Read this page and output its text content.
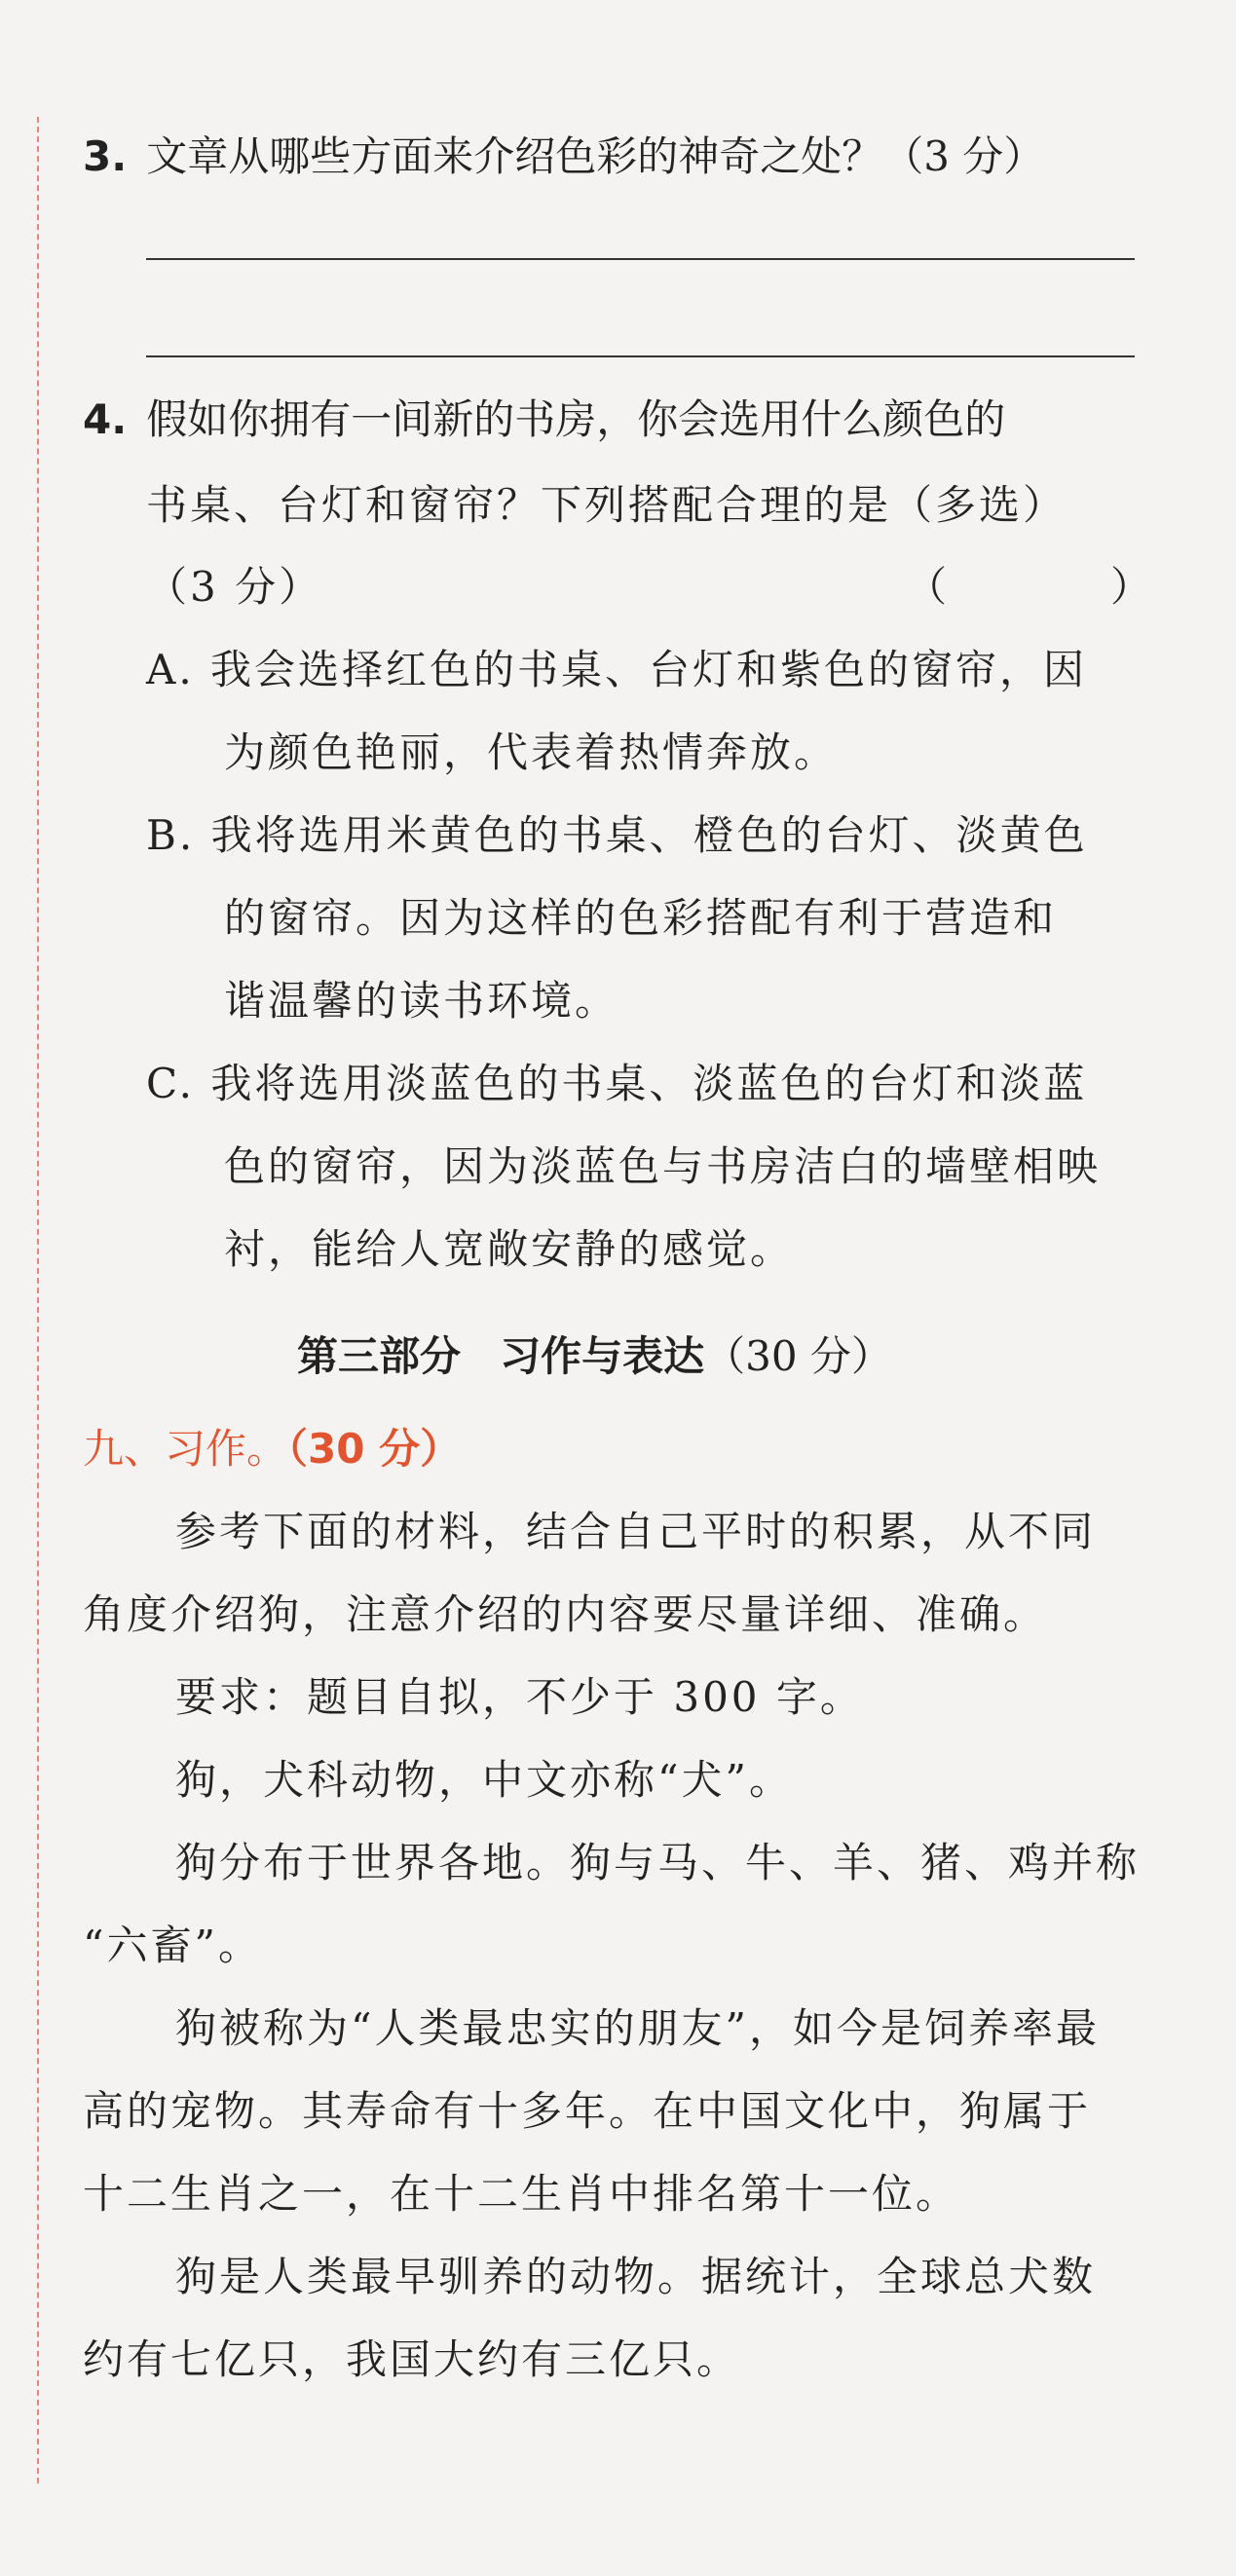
3. 文章从哪些方面来介绍色彩的神奇之处？（3 分）
4. 假如你拥有一间新的书房，你会选用什么颜色的
书桌、台灯和窗帘？下列搭配合理的是（多选）
（3 分）	（	）
A. 我会选择红色的书桌、台灯和紫色的窗帘，因
为颜色艳丽，代表着热情奔放。
B. 我将选用米黄色的书桌、橙色的台灯、淡黄色
的窗帘。因为这样的色彩搭配有利于营造和
谐温馨的读书环境。
C. 我将选用淡蓝色的书桌、淡蓝色的台灯和淡蓝
色的窗帘，因为淡蓝色与书房洁白的墙壁相映
衬，能给人宽敞安静的感觉。
第三部分 习作与表达（30 分）
九、习作。（30 分）
参考下面的材料，结合自己平时的积累，从不同
角度介绍狗，注意介绍的内容要尽量详细、准确。
要求：题目自拟，不少于 300 字。
狗，犬科动物，中文亦称“犬”。
狗分布于世界各地。狗与马、牛、羊、猪、鸡并称
“六畜”。
狗被称为“人类最忠实的朋友”，如今是饲养率最
高的宠物。其寿命有十多年。在中国文化中，狗属于
十二生肖之一，在十二生肖中排名第十一位。
狗是人类最早驯养的动物。据统计，全球总犬数
约有七亿只，我国大约有三亿只。
